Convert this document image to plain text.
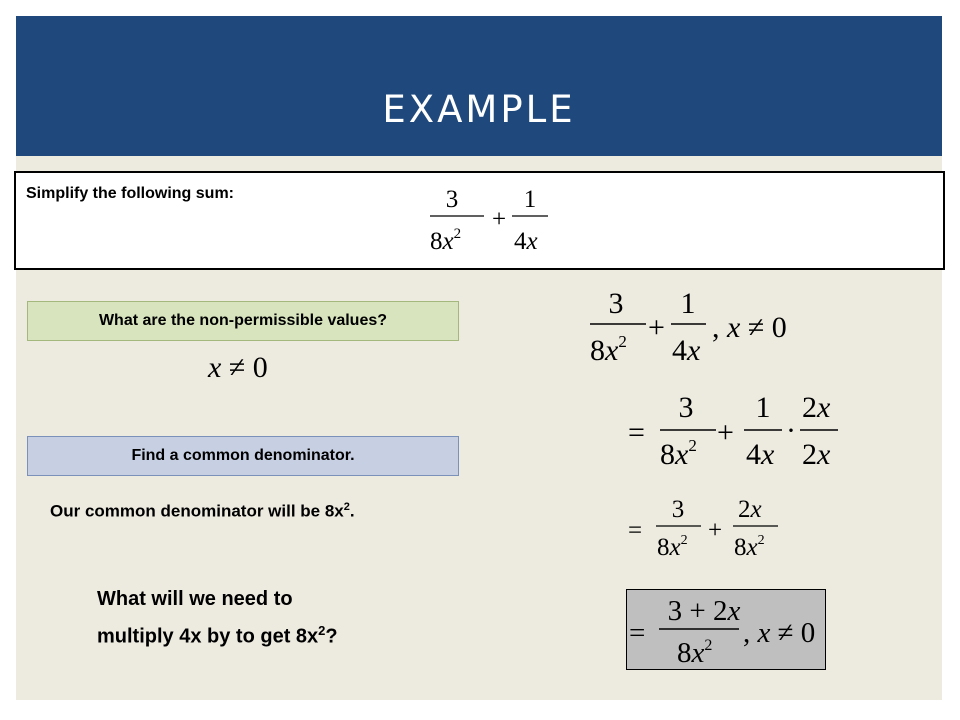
EXAMPLE
Simplify the following sum:	3
$8x^2$
+
1
4x
What are the non-permissible values?
x ≠ 0
Find a common denominator.
Our common denominator will be $8x^2$.
What will we need to
multiply 4x by to get $8x^2$?
3
$8x^2$ +
1
4x
, x ≠ 0
=
3
$8x^2$ +
1
4x
·
2x
2x
=
3
$8x^2$ +
2x
$8x^2$
=
3 + 2x
$8x^2$ , x ≠ 0
